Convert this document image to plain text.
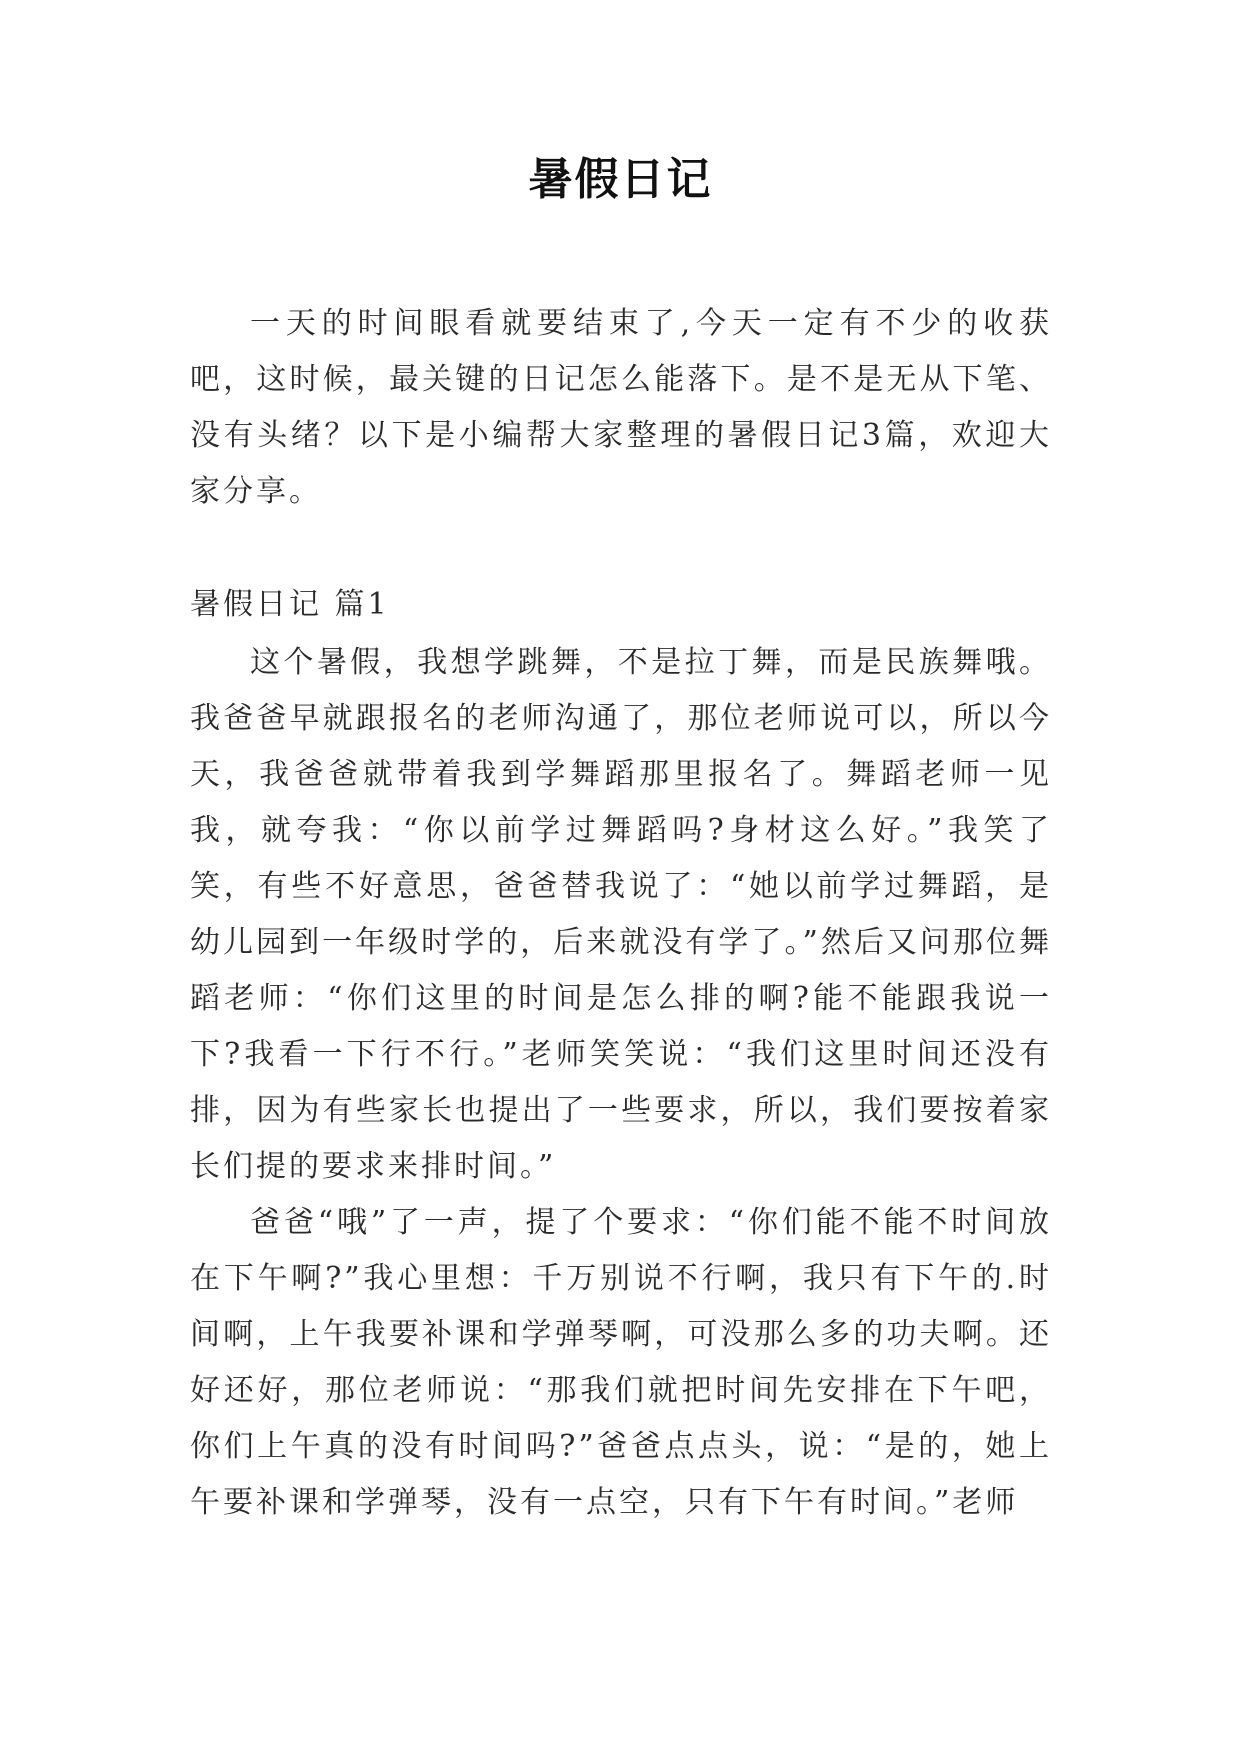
暑假日记

一天的时间眼看就要结束了,今天一定有不少的收获吧，这时候，最关键的日记怎么能落下。是不是无从下笔、没有头绪？以下是小编帮大家整理的暑假日记3篇，欢迎大家分享。

暑假日记 篇1

这个暑假，我想学跳舞，不是拉丁舞，而是民族舞哦。我爸爸早就跟报名的老师沟通了，那位老师说可以，所以今天，我爸爸就带着我到学舞蹈那里报名了。舞蹈老师一见我，就夸我：“你以前学过舞蹈吗?身材这么好。”我笑了笑，有些不好意思，爸爸替我说了：“她以前学过舞蹈，是幼儿园到一年级时学的，后来就没有学了。”然后又问那位舞蹈老师：“你们这里的时间是怎么排的啊?能不能跟我说一下?我看一下行不行。”老师笑笑说：“我们这里时间还没有排，因为有些家长也提出了一些要求，所以，我们要按着家长们提的要求来排时间。”

爸爸“哦”了一声，提了个要求：“你们能不能不时间放在下午啊?”我心里想：千万别说不行啊，我只有下午的.时间啊，上午我要补课和学弹琴啊，可没那么多的功夫啊。还好还好，那位老师说：“那我们就把时间先安排在下午吧，你们上午真的没有时间吗?”爸爸点点头，说：“是的，她上午要补课和学弹琴，没有一点空，只有下午有时间。”老师
